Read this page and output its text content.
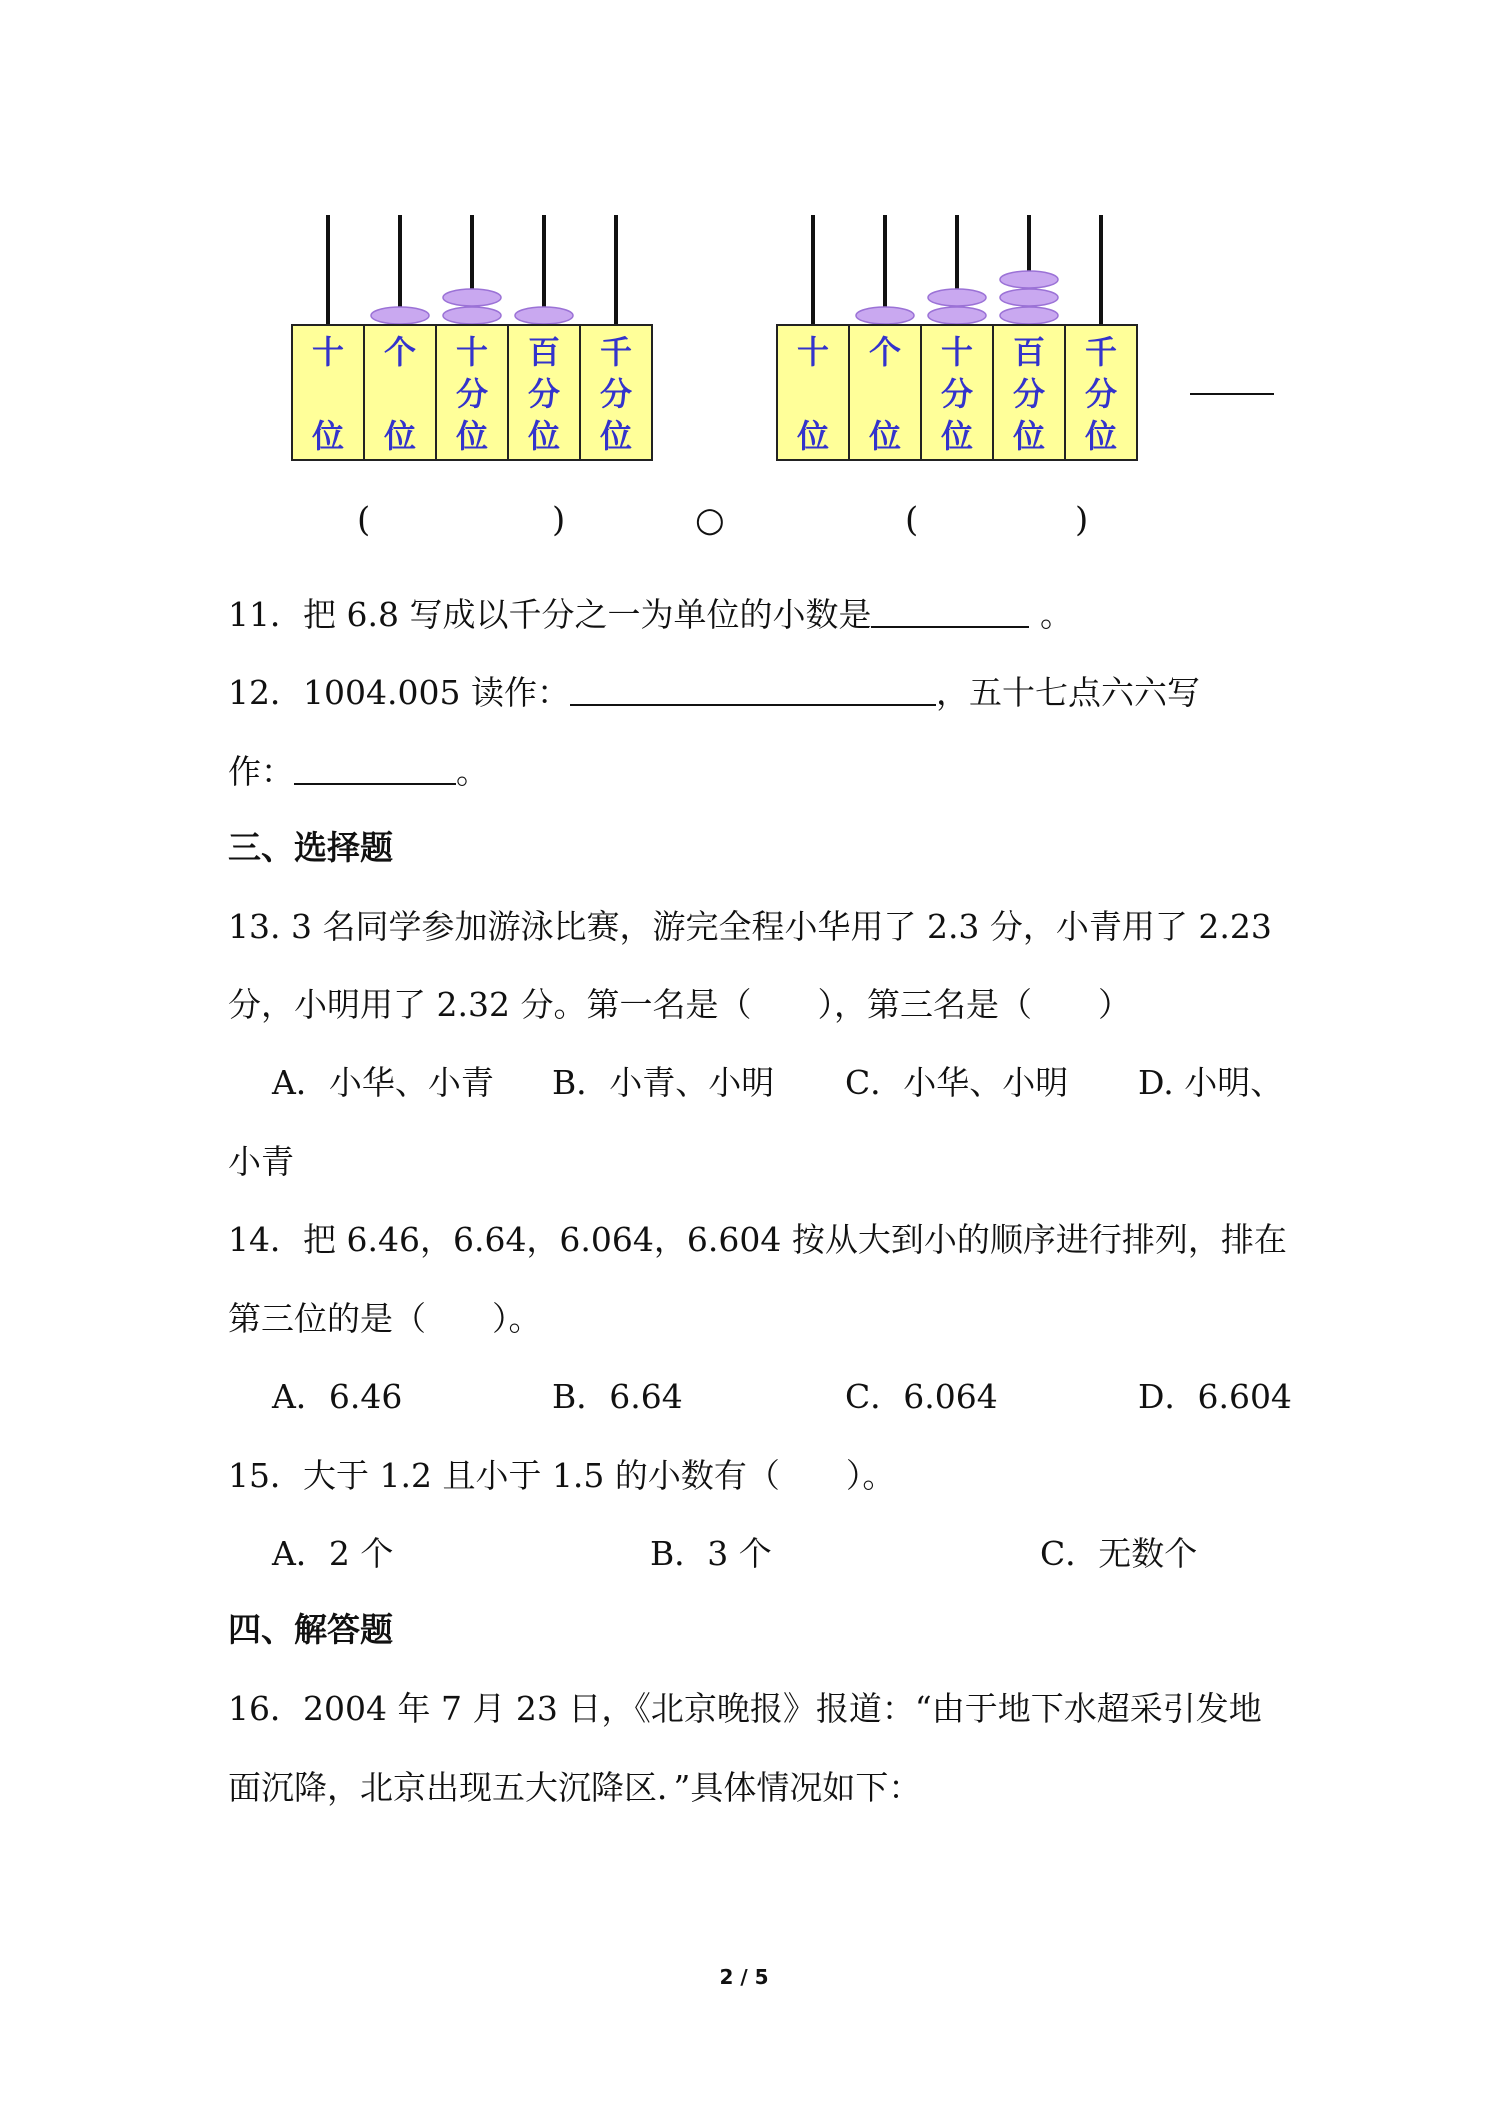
十
位
个
位
十
分
位
百
分
位
千
分
位
十
位
个
位
十
分
位
百
分
位
千
分
位
(	)	○	(	)
11．把 6.8 写成以千分之一为单位的小数是	。
12．1004.005 读作：	，五十七点六六写
作：	。
三、选择题
13. 3 名同学参加游泳比赛，游完全程小华用了 2.3 分，小青用了 2.23
分，小明用了 2.32 分。第一名是（　　），第三名是（　　）
A．小华、小青 B．小青、小明 C．小华、小明 D. 小明、
小青
14．把 6.46，6.64，6.064，6.604 按从大到小的顺序进行排列，排在
第三位的是（　　）。
A．6.46	B．6.64	C．6.064	D．6.604
15．大于 1.2 且小于 1.5 的小数有（　　）。
A．2 个	B．3 个	C．无数个
四、解答题
16．2004 年 7 月 23 日，《北京晚报》报道：“由于地下水超采引发地
面沉降，北京出现五大沉降区．”具体情况如下：
2 / 5
